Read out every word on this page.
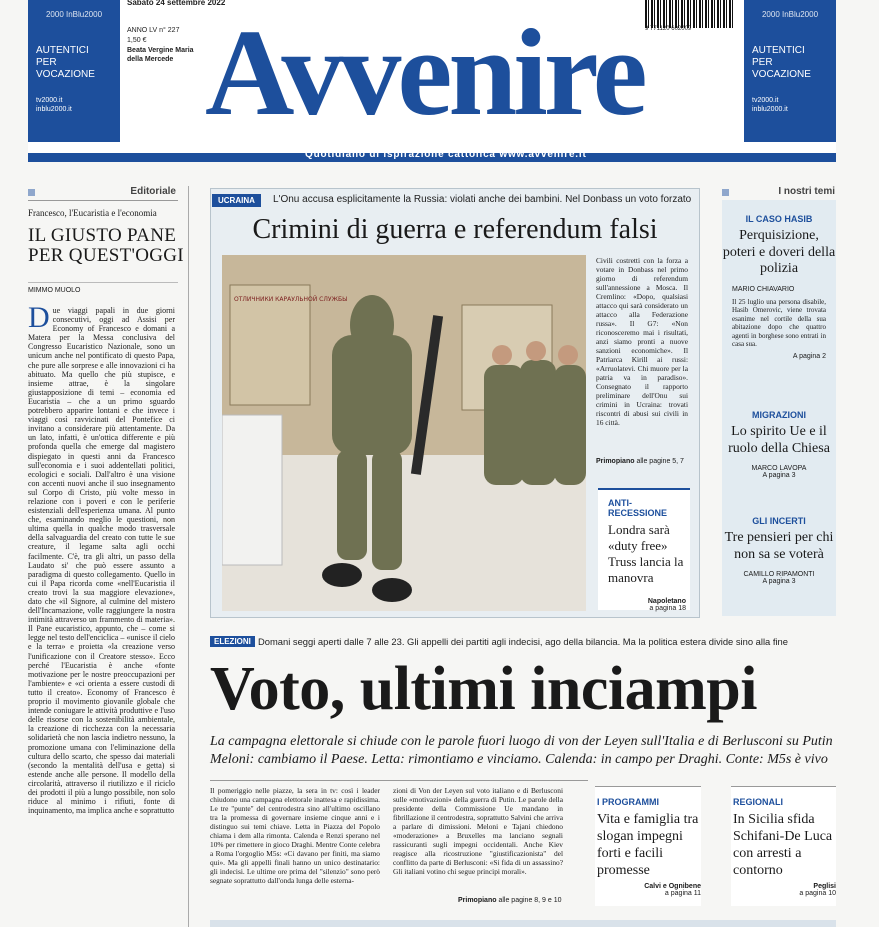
2000 InBlu2000
AUTENTICI PER VOCAZIONE
tv2000.it
inblu2000.it
2000 InBlu2000
AUTENTICI PER VOCAZIONE
tv2000.it
inblu2000.it
Sabato 24 settembre 2022
ANNO LV n° 227
1,50 €
Beata Vergine Maria della Mercede Avvenire 9 771120 602009
Quotidiano di ispirazione cattolica www.avvenire.it
Editoriale
Francesco, l'Eucaristia e l'economia
IL GIUSTO PANE PER QUEST'OGGI
MIMMO MUOLO
D ue viaggi papali in due giorni consecutivi, oggi ad Assisi per Economy of Francesco e domani a Matera per la Messa conclusiva del Congresso Eucaristico Nazionale, sono un unicum anche nel pontificato di questo Papa, che pure alle sorprese e alle innovazioni ci ha abituato. Ma quello che più stupisce, e insieme attrae, è la singolare giustapposizione di temi – economia ed Eucaristia – che a un primo sguardo potrebbero apparire lontani e che invece i viaggi così ravvicinati del Pontefice ci invitano a considerare più attentamente. Da un lato, infatti, è un'ottica differente e più profonda quella che emerge dal magistero dispiegato in questi anni da Francesco sull'economia e i suoi addentellati politici, ecologici e sociali. Dall'altro è una visione con accenti nuovi anche il suo insegnamento sul Corpo di Cristo, più volte messo in relazione con i poveri e con le periferie esistenziali dell'esperienza umana. Al punto che, esaminando meglio le questioni, non ultima quella in qualche modo trasversale della salvaguardia del creato con tutte le sue creature, il legame salta agli occhi facilmente. C'è, tra gli altri, un passo della Laudato si' che può essere assunto a paradigma di questo collegamento. Quello in cui il Papa ricorda come «nell'Eucaristia il creato trovi la sua maggiore elevazione», dato che «il Signore, al culmine del mistero dell'Incarnazione, volle raggiungere la nostra intimità attraverso un frammento di materia». Il Pane eucaristico, appunto, che – come si legge nel testo dell'enciclica – «unisce il cielo e la terra» e proietta «la creazione verso l'unificazione con il Creatore stesso». Ecco perché l'Eucaristia è anche «fonte motivazione per le nostre preoccupazioni per l'ambiente» e «ci orienta a essere custodi di tutto il creato». Economy of Francesco è proprio il movimento giovanile globale che intende coniugare le attività produttive e l'uso delle risorse con la sostenibilità ambientale, la creazione di ricchezza con la necessaria solidarietà che non lascia indietro nessuno, la promozione umana con l'eliminazione della cultura dello scarto, che spesso dai materiali (secondo la mentalità dell'usa e getta) si estende anche alle persone. Il modello della circolarità, attraverso il riutilizzo e il riciclo dei prodotti il più a lungo possibile, non solo riduce al minimo i rifiuti, fonte di inquinamento, ma implica anche e soprattutto
UCRAINA	L'Onu accusa esplicitamente la Russia: violati anche dei bambini. Nel Donbass un voto forzato
Crimini di guerra e referendum falsi
ОТЛИЧНИКИ КАРАУЛЬНОЙ СЛУЖБЫ
Civili costretti con la forza a votare in Donbass nel primo giorno di referendum sull'annessione a Mosca. Il Cremlino: «Dopo, qualsiasi attacco qui sarà considerato un attacco alla Federazione russa». Il G7: «Non riconosceremo mai i risultati, anzi siamo pronti a nuove sanzioni economiche». Il Patriarca Kirill ai russi: «Arruolatevi. Chi muore per la patria va in paradiso». Consegnato il rapporto preliminare dell'Onu sui crimini in Ucraina: trovati riscontri di abusi sui civili in 16 città.
Primopiano alle pagine 5, 7
ANTI-RECESSIONE
Londra sarà «duty free» Truss lancia la manovra
Napoletano
a pagina 18
I nostri temi
IL CASO HASIB
Perquisizione, poteri e doveri della polizia
MARIO CHIAVARIO
Il 25 luglio una persona disabile, Hasib Omerovic, viene trovata esanime nel cortile della sua abitazione dopo che quattro agenti in borghese sono entrati in casa sua.
A pagina 2
MIGRAZIONI
Lo spirito Ue e il ruolo della Chiesa
MARCO LAVOPA
A pagina 3
GLI INCERTI
Tre pensieri per chi non sa se voterà
CAMILLO RIPAMONTI
A pagina 3
ELEZIONI Domani seggi aperti dalle 7 alle 23. Gli appelli dei partiti agli indecisi, ago della bilancia. Ma la politica estera divide sino alla fine
Voto, ultimi inciampi
La campagna elettorale si chiude con le parole fuori luogo di von der Leyen sull'Italia e di Berlusconi su Putin
Meloni: cambiamo il Paese. Letta: rimontiamo e vinciamo. Calenda: in campo per Draghi. Conte: M5s è vivo
Il pomeriggio nelle piazze, la sera in tv: così i leader chiudono una campagna elettorale inattesa e rapidissima. Le tre "punte" del centrodestra sino all'ultimo oscillano tra la promessa di governare insieme cinque anni e i distinguo sui temi chiave. Letta in Piazza del Popolo chiama i dem alla rimonta. Calenda e Renzi sperano nel 10% per rimettere in gioco Draghi. Mentre Conte celebra a Roma l'orgoglio M5s: «Ci davano per finiti, ma siamo qui». Ma gli appelli finali hanno un unico destinatario: gli indecisi. Le ultime ore prima del "silenzio" sono però segnate soprattutto dall'onda lunga delle esterna-
zioni di Von der Leyen sul voto italiano e di Berlusconi sulle «motivazioni» della guerra di Putin. Le parole della presidente della Commissione Ue mandano in fibrillazione il centrodestra, soprattutto Salvini che arriva a parlare di dimissioni. Meloni e Tajani chiedono «moderazione» a Bruxelles ma lanciano segnali rassicuranti sugli impegni occidentali. Anche Kiev reagisce alla ricostruzione "giustificazionista" del conflitto da parte di Berlusconi: «Si fida di un assassino? Gli italiani votino chi segue principi morali».
Primopiano alle pagine 8, 9 e 10
I PROGRAMMI
Vita e famiglia tra slogan impegni forti e facili promesse
Calvi e Ognibene
a pagina 11
REGIONALI
In Sicilia sfida Schifani-De Luca con arresti a contorno
Peglisi
a pagina 10
